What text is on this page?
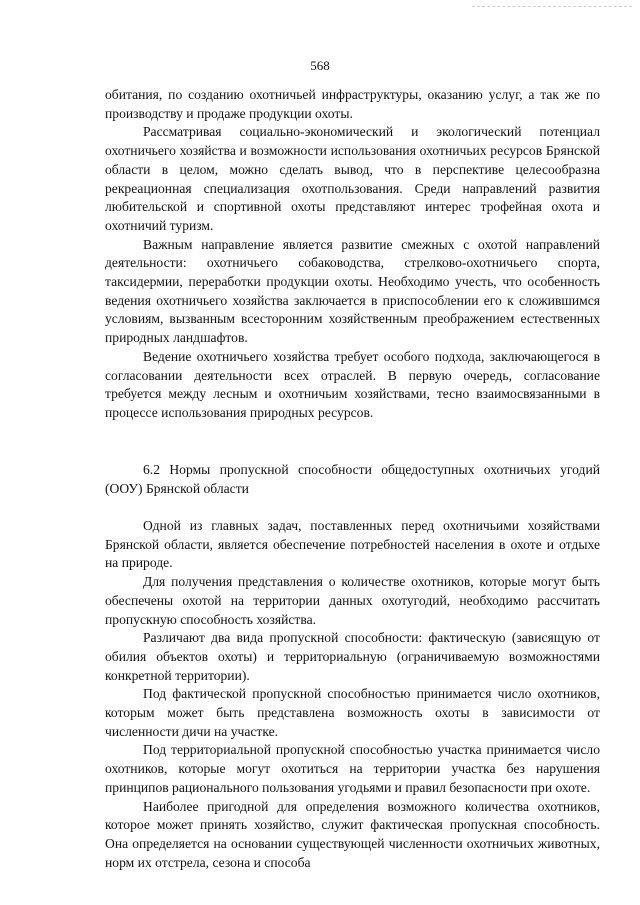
568

обитания, по созданию охотничьей инфраструктуры, оказанию услуг, а так же по производству и продаже продукции охоты.

Рассматривая социально-экономический и экологический потенциал охотничьего хозяйства и возможности использования охотничьих ресурсов Брянской области в целом, можно сделать вывод, что в перспективе целесообразна рекреационная специализация охотпользования. Среди направлений развития любительской и спортивной охоты представляют интерес трофейная охота и охотничий туризм.

Важным направление является развитие смежных с охотой направлений деятельности: охотничьего собаководства, стрелково-охотничьего спорта, таксидермии, переработки продукции охоты. Необходимо учесть, что особенность ведения охотничьего хозяйства заключается в приспособлении его к сложившимся условиям, вызванным всесторонним хозяйственным преображением естественных природных ландшафтов.

Ведение охотничьего хозяйства требует особого подхода, заключающегося в согласовании деятельности всех отраслей. В первую очередь, согласование требуется между лесным и охотничьим хозяйствами, тесно взаимосвязанными в процессе использования природных ресурсов.

6.2 Нормы пропускной способности общедоступных охотничьих угодий (ООУ) Брянской области

Одной из главных задач, поставленных перед охотничьими хозяйствами Брянской области, является обеспечение потребностей населения в охоте и отдыхе на природе.

Для получения представления о количестве охотников, которые могут быть обеспечены охотой на территории данных охотугодий, необходимо рассчитать пропускную способность хозяйства.

Различают два вида пропускной способности: фактическую (зависящую от обилия объектов охоты) и территориальную (ограничиваемую возможностями конкретной территории).

Под фактической пропускной способностью принимается число охотников, которым может быть представлена возможность охоты в зависимости от численности дичи на участке.

Под территориальной пропускной способностью участка принимается число охотников, которые могут охотиться на территории участка без нарушения принципов рационального пользования угодьями и правил безопасности при охоте.

Наиболее пригодной для определения возможного количества охотников, которое может принять хозяйство, служит фактическая пропускная способность. Она определяется на основании существующей численности охотничьих животных, норм их отстрела, сезона и способа
